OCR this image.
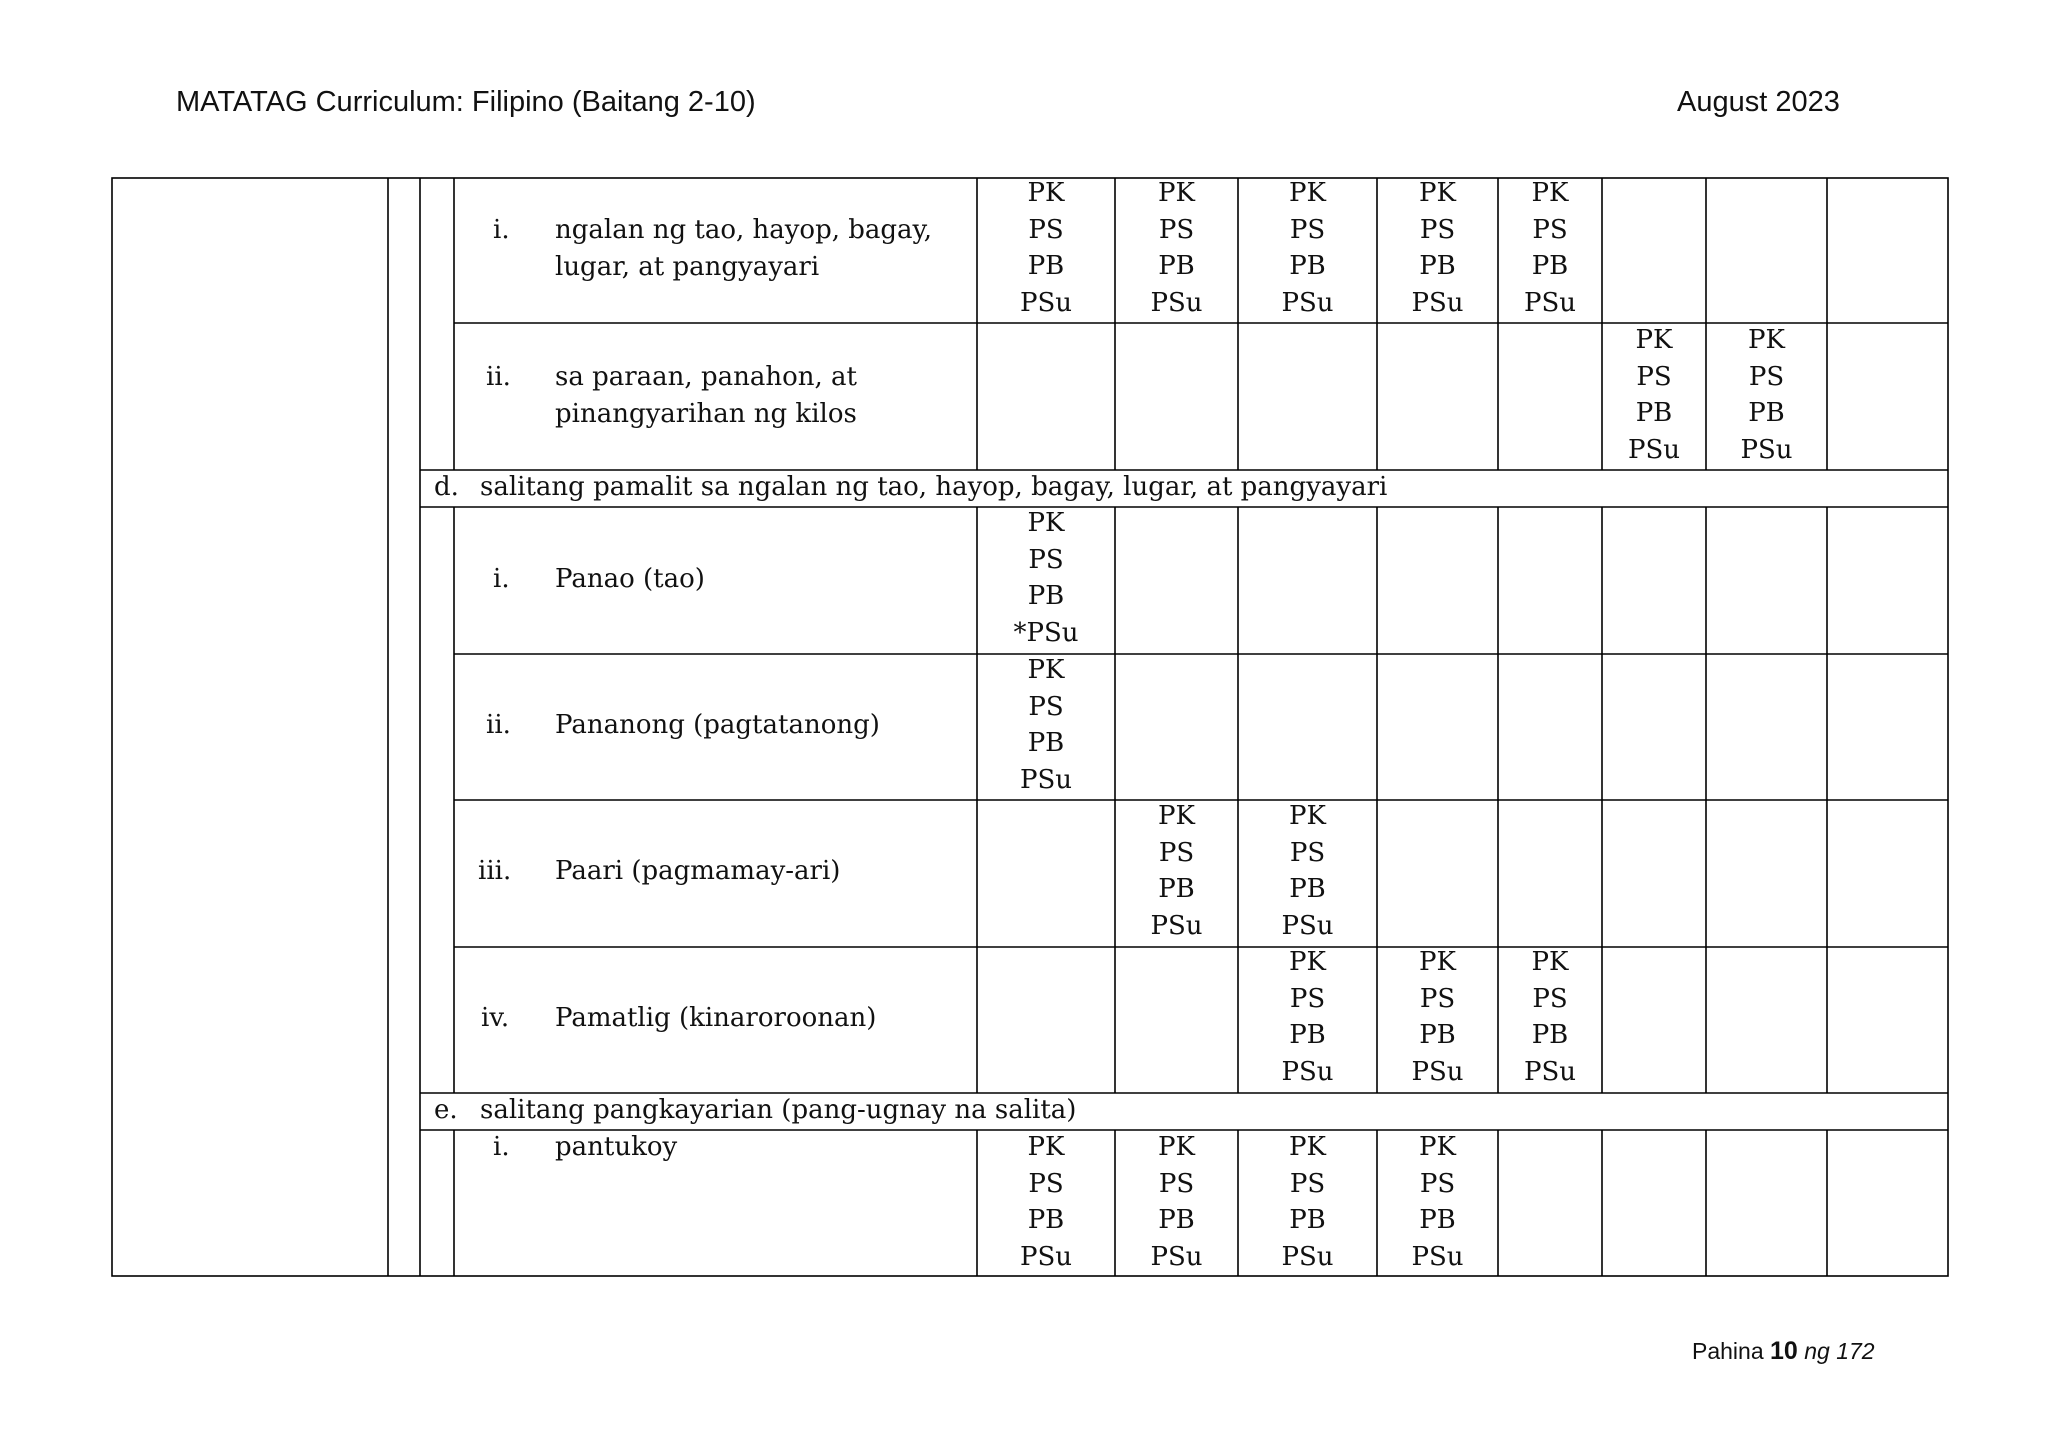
MATATAG Curriculum: Filipino (Baitang 2-10)	August 2023
i. ngalan ng tao, hayop, bagay,
lugar, at pangyayari
PK
PS
PB
PSu
PK
PS
PB
PSu
PK
PS
PB
PSu
PK
PS
PB
PSu
PK
PS
PB
PSu
ii. sa paraan, panahon, at
pinangyarihan ng kilos
PK
PS
PB
PSu
PK
PS
PB
PSu
d. salitang pamalit sa ngalan ng tao, hayop, bagay, lugar, at pangyayari
i. Panao (tao)
PK
PS
PB
*PSu
ii. Pananong (pagtatanong)
PK
PS
PB
PSu
iii. Paari (pagmamay-ari)
PK
PS
PB
PSu
PK
PS
PB
PSu
iv. Pamatlig (kinaroroonan)
PK
PS
PB
PSu
PK
PS
PB
PSu
PK
PS
PB
PSu
e. salitang pangkayarian (pang-ugnay na salita)
i. pantukoy	PK
PS
PB
PSu
PK
PS
PB
PSu
PK
PS
PB
PSu
PK
PS
PB
PSu
Pahina 10 ng 172
